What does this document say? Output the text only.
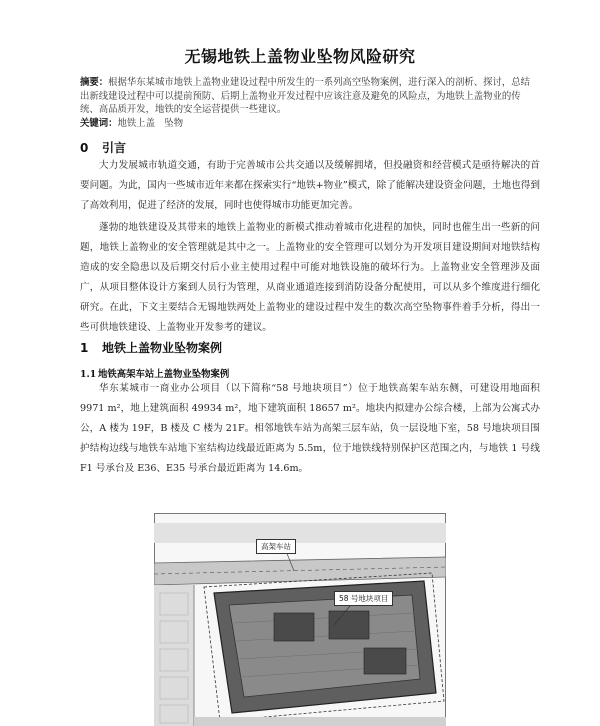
无锡地铁上盖物业坠物风险研究
摘要：根据华东某城市地铁上盖物业建设过程中所发生的一系列高空坠物案例，进行深入的剖析、探讨，总结出新线建设过程中可以提前预防、后期上盖物业开发过程中应该注意及避免的风险点，为地铁上盖物业的传统、高品质开发，地铁的安全运营提供一些建议。
关键词：地铁上盖　坠物
0 引言
大力发展城市轨道交通，有助于完善城市公共交通以及缓解拥堵，但投融资和经营模式是亟待解决的首要问题。为此，国内一些城市近年来都在探索实行“地铁+物业”模式，除了能解决建设资金问题，土地也得到了高效利用，促进了经济的发展，同时也使得城市功能更加完善。
蓬勃的地铁建设及其带来的地铁上盖物业的新模式推动着城市化进程的加快，同时也催生出一些新的问题，地铁上盖物业的安全管理就是其中之一。上盖物业的安全管理可以划分为开发项目建设期间对地铁结构造成的安全隐患以及后期交付后小业主使用过程中可能对地铁设施的破坏行为。上盖物业安全管理涉及面广，从项目整体设计方案到人员行为管理，从商业通道连接到消防设备分配使用，可以从多个维度进行细化研究。在此，下文主要结合无锡地铁两处上盖物业的建设过程中发生的数次高空坠物事件着手分析，得出一些可供地铁建设、上盖物业开发参考的建议。
1 地铁上盖物业坠物案例
1.1 地铁高架车站上盖物业坠物案例
华东某城市一商业办公项目（以下简称“58 号地块项目”）位于地铁高架车站东侧，可建设用地面积 9971 m²，地上建筑面积 49934 m²，地下建筑面积 18657 m²。地块内拟建办公综合楼，上部为公寓式办公，A 楼为 19F，B 楼及 C 楼为 21F。相邻地铁车站为高架三层车站，负一层设地下室，58 号地块项目围护结构边线与地铁车站地下室结构边线最近距离为 5.5m，位于地铁线特别保护区范围之内，与地铁 1 号线 F1 号承台及 E36、E35 号承台最近距离为 14.6m。
高架车站
58 号地块项目
